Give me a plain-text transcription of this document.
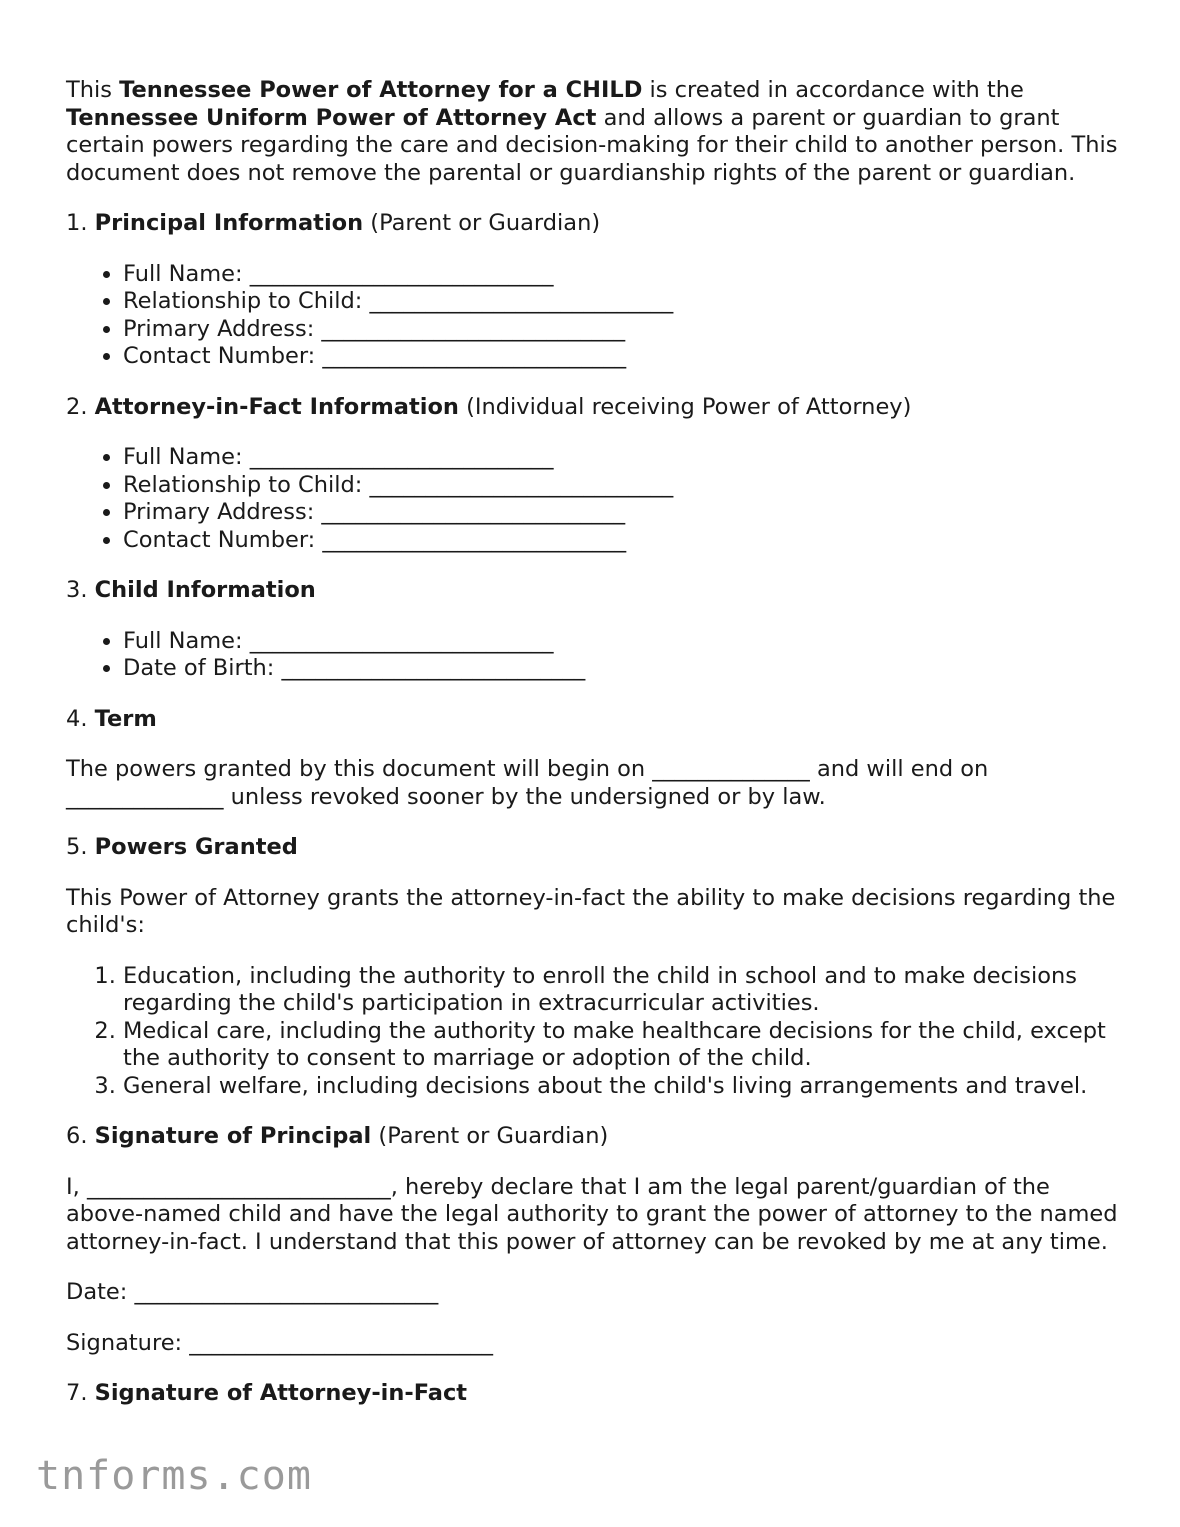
This Tennessee Power of Attorney for a CHILD is created in accordance with the Tennessee Uniform Power of Attorney Act and allows a parent or guardian to grant certain powers regarding the care and decision-making for their child to another person. This document does not remove the parental or guardianship rights of the parent or guardian.

1. Principal Information (Parent or Guardian)
• Full Name: ___________________________
• Relationship to Child: ___________________________
• Primary Address: ___________________________
• Contact Number: ___________________________
2. Attorney-in-Fact Information (Individual receiving Power of Attorney)
• Full Name: ___________________________
• Relationship to Child: ___________________________
• Primary Address: ___________________________
• Contact Number: ___________________________
3. Child Information
• Full Name: ___________________________
• Date of Birth: ___________________________
4. Term

The powers granted by this document will begin on ______________ and will end on ______________ unless revoked sooner by the undersigned or by law.

5. Powers Granted

This Power of Attorney grants the attorney-in-fact the ability to make decisions regarding the child's:

1. Education, including the authority to enroll the child in school and to make decisions regarding the child's participation in extracurricular activities.
2. Medical care, including the authority to make healthcare decisions for the child, except the authority to consent to marriage or adoption of the child.
3. General welfare, including decisions about the child's living arrangements and travel.
6. Signature of Principal (Parent or Guardian)

I, ___________________________, hereby declare that I am the legal parent/guardian of the above-named child and have the legal authority to grant the power of attorney to the named attorney-in-fact. I understand that this power of attorney can be revoked by me at any time.

Date: ___________________________

Signature: ___________________________

7. Signature of Attorney-in-Fact
tnforms.com
